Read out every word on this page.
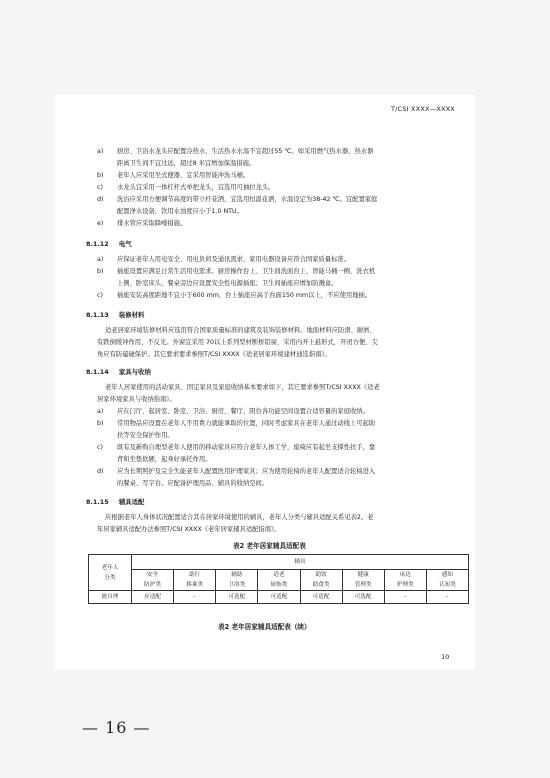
T/CSI XXXX—XXXX
a) 厨房、卫浴水龙头应配置冷热水，生活热水水温不宜超过55 ℃。如采用燃气热水器，热水器
距离卫生间不宜过远，超过8 米宜增加保温措施。
b) 老年人应采用坐式便器，宜采用智能冲洗马桶。
c) 水龙头宜采用一体杠杆式单把龙头，宜选用可抽拉龙头。
d) 洗浴应采用方便调节高度的带立杆花洒，宜选用恒温花洒，水温设定为38-42 ℃。宜配置家庭
配置净水设备，饮用水浊度应小于1.0 NTU。
e) 排水管应采取降噪措施。
8.1.12 电气
a) 应保证老年人用电安全、用电负荷及通讯需求，家用电器设备应符合国家质量标准。
b) 插座设置应满足日常生活用电需求。厨房操作台上、卫生间洗面台上、智能马桶一侧、洗衣机
上侧、卧室床头、餐桌旁边应设置安全性电源插座；卫生间插座应增加防溅盒。
c) 插座安装高度距地不宜小于600 mm，台上插座应高于台面150 mm以上，不应使用地插。
8.1.13 装修材料
适老居家环境装修材料应选用符合国家质量标准的建筑及装饰装修材料。地面材料应防滑、耐磨、
有跌倒缓冲作用、不反光。外窗宜采用 70以上系列型材断桥铝窗，采用内开上悬形式，开闭方便，尖
角应有防磕碰保护。其它要求要求参照T/CSI XXXX《适老居家环境建材通选指南》。
8.1.14 家具与收纳
老年人居家使用的活动家具、固定家具及家庭收纳基本要求如下，其它要求参照T/CSI XXXX《适老
居家环境家具与收纳指南》。
a) 应在门厅、起居室、卧室、卫浴、厨房、餐厅、阳台各功能空间设置合适容量的家庭收纳。
b) 常用物品应设置在老年人不用费力就能拿取的位置，同时考虑家具在老年人通过动线上可起助
扶等安全保护作用。
c) 既有及新购自理型老年人使用的移动家具应符合老年人体工学，座椅应有起坐支撑性扶手，靠
背和坐垫软硬，起身好承托作用。
d) 应为长期照护及完全失能老年人配置医用护理家具；应为使用轮椅的老年人配置适合轮椅进入
的餐桌、写字台。应配备护理用品、辅具的收纳空间。
8.1.15 辅具适配
应根据老年人身体状况配置适合其在居家环境使用的辅具，老年人分类与辅具适配关系见表2。老
年居家辅具适配办法参照T/CSI XXXX《老年居家辅具适配指南》。
表2 老年居家辅具适配表
老年人
分类	辅具							
	安全	助行	辅助	适老	助饮	健康	床边	感知
	防护类	移乘类	卫浴类	厨饰类	助食类	管理类	护理类	认知类
能自理	应适配	-	可选配	可适配	可适配	可选配	-	-
表2 老年居家辅具适配表（续）
10
— 16 —
